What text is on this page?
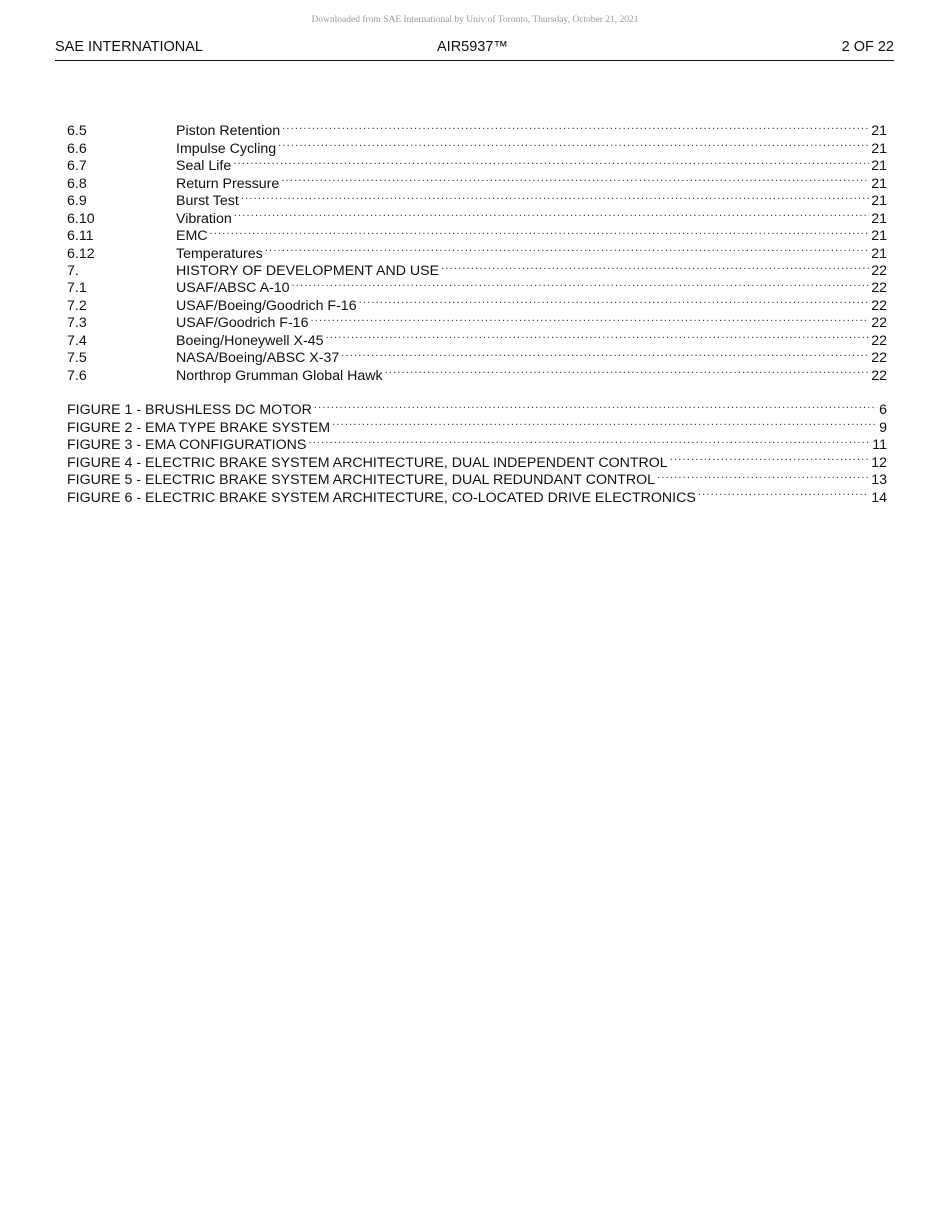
Downloaded from SAE International by Univ of Toronto, Thursday, October 21, 2021
SAE INTERNATIONAL	AIR5937™	2 OF 22
6.5	Piston Retention .....	21
6.6	Impulse Cycling .....	21
6.7	Seal Life .....	21
6.8	Return Pressure .....	21
6.9	Burst Test .....	21
6.10	Vibration .....	21
6.11	EMC .....	21
6.12	Temperatures .....	21
7.	HISTORY OF DEVELOPMENT AND USE .....	22
7.1	USAF/ABSC A-10 .....	22
7.2	USAF/Boeing/Goodrich F-16 .....	22
7.3	USAF/Goodrich F-16 .....	22
7.4	Boeing/Honeywell X-45 .....	22
7.5	NASA/Boeing/ABSC X-37 .....	22
7.6	Northrop Grumman Global Hawk .....	22
FIGURE 1 - BRUSHLESS DC MOTOR .....	6
FIGURE 2 - EMA TYPE BRAKE SYSTEM .....	9
FIGURE 3 - EMA CONFIGURATIONS .....	11
FIGURE 4 - ELECTRIC BRAKE SYSTEM ARCHITECTURE, DUAL INDEPENDENT CONTROL .....	12
FIGURE 5 - ELECTRIC BRAKE SYSTEM ARCHITECTURE, DUAL REDUNDANT CONTROL .....	13
FIGURE 6 - ELECTRIC BRAKE SYSTEM ARCHITECTURE, CO-LOCATED DRIVE ELECTRONICS .....	14
